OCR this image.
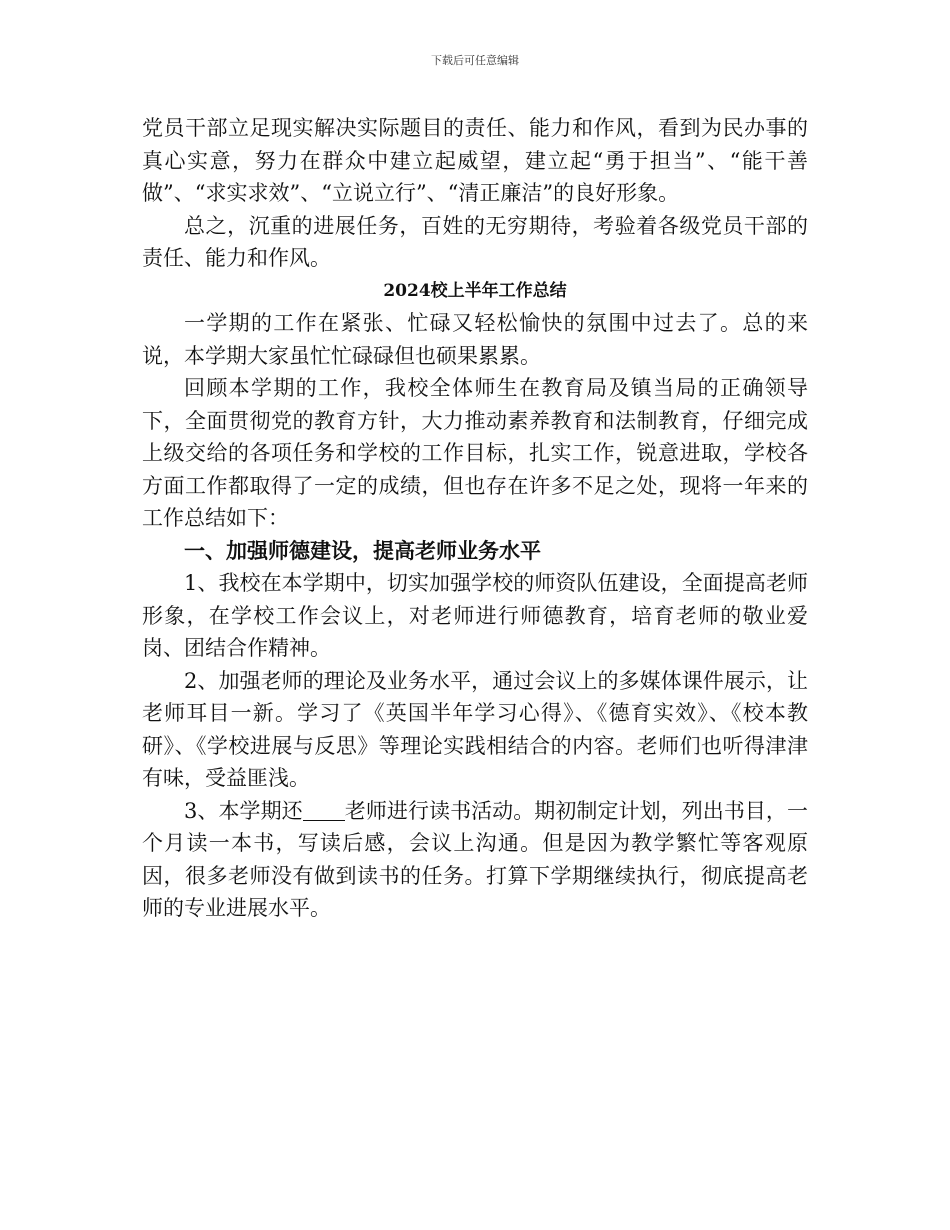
下载后可任意编辑

党员干部立足现实解决实际题目的责任、能力和作风，看到为民办事的真心实意，努力在群众中建立起威望，建立起“勇于担当”、“能干善做”、“求实求效”、“立说立行”、“清正廉洁”的良好形象。

总之，沉重的进展任务，百姓的无穷期待，考验着各级党员干部的责任、能力和作风。

2024校上半年工作总结

一学期的工作在紧张、忙碌又轻松愉快的氛围中过去了。总的来说，本学期大家虽忙忙碌碌但也硕果累累。

回顾本学期的工作，我校全体师生在教育局及镇当局的正确领导下，全面贯彻党的教育方针，大力推动素养教育和法制教育，仔细完成上级交给的各项任务和学校的工作目标，扎实工作，锐意进取，学校各方面工作都取得了一定的成绩，但也存在许多不足之处，现将一年来的工作总结如下：

一、加强师德建设，提高老师业务水平

1、我校在本学期中，切实加强学校的师资队伍建设，全面提高老师形象，在学校工作会议上，对老师进行师德教育，培育老师的敬业爱岗、团结合作精神。

2、加强老师的理论及业务水平，通过会议上的多媒体课件展示，让老师耳目一新。学习了《英国半年学习心得》、《德育实效》、《校本教研》、《学校进展与反思》等理论实践相结合的内容。老师们也听得津津有味，受益匪浅。

3、本学期还 老师进行读书活动。期初制定计划，列出书目，一个月读一本书，写读后感，会议上沟通。但是因为教学繁忙等客观原因，很多老师没有做到读书的任务。打算下学期继续执行，彻底提高老师的专业进展水平。
